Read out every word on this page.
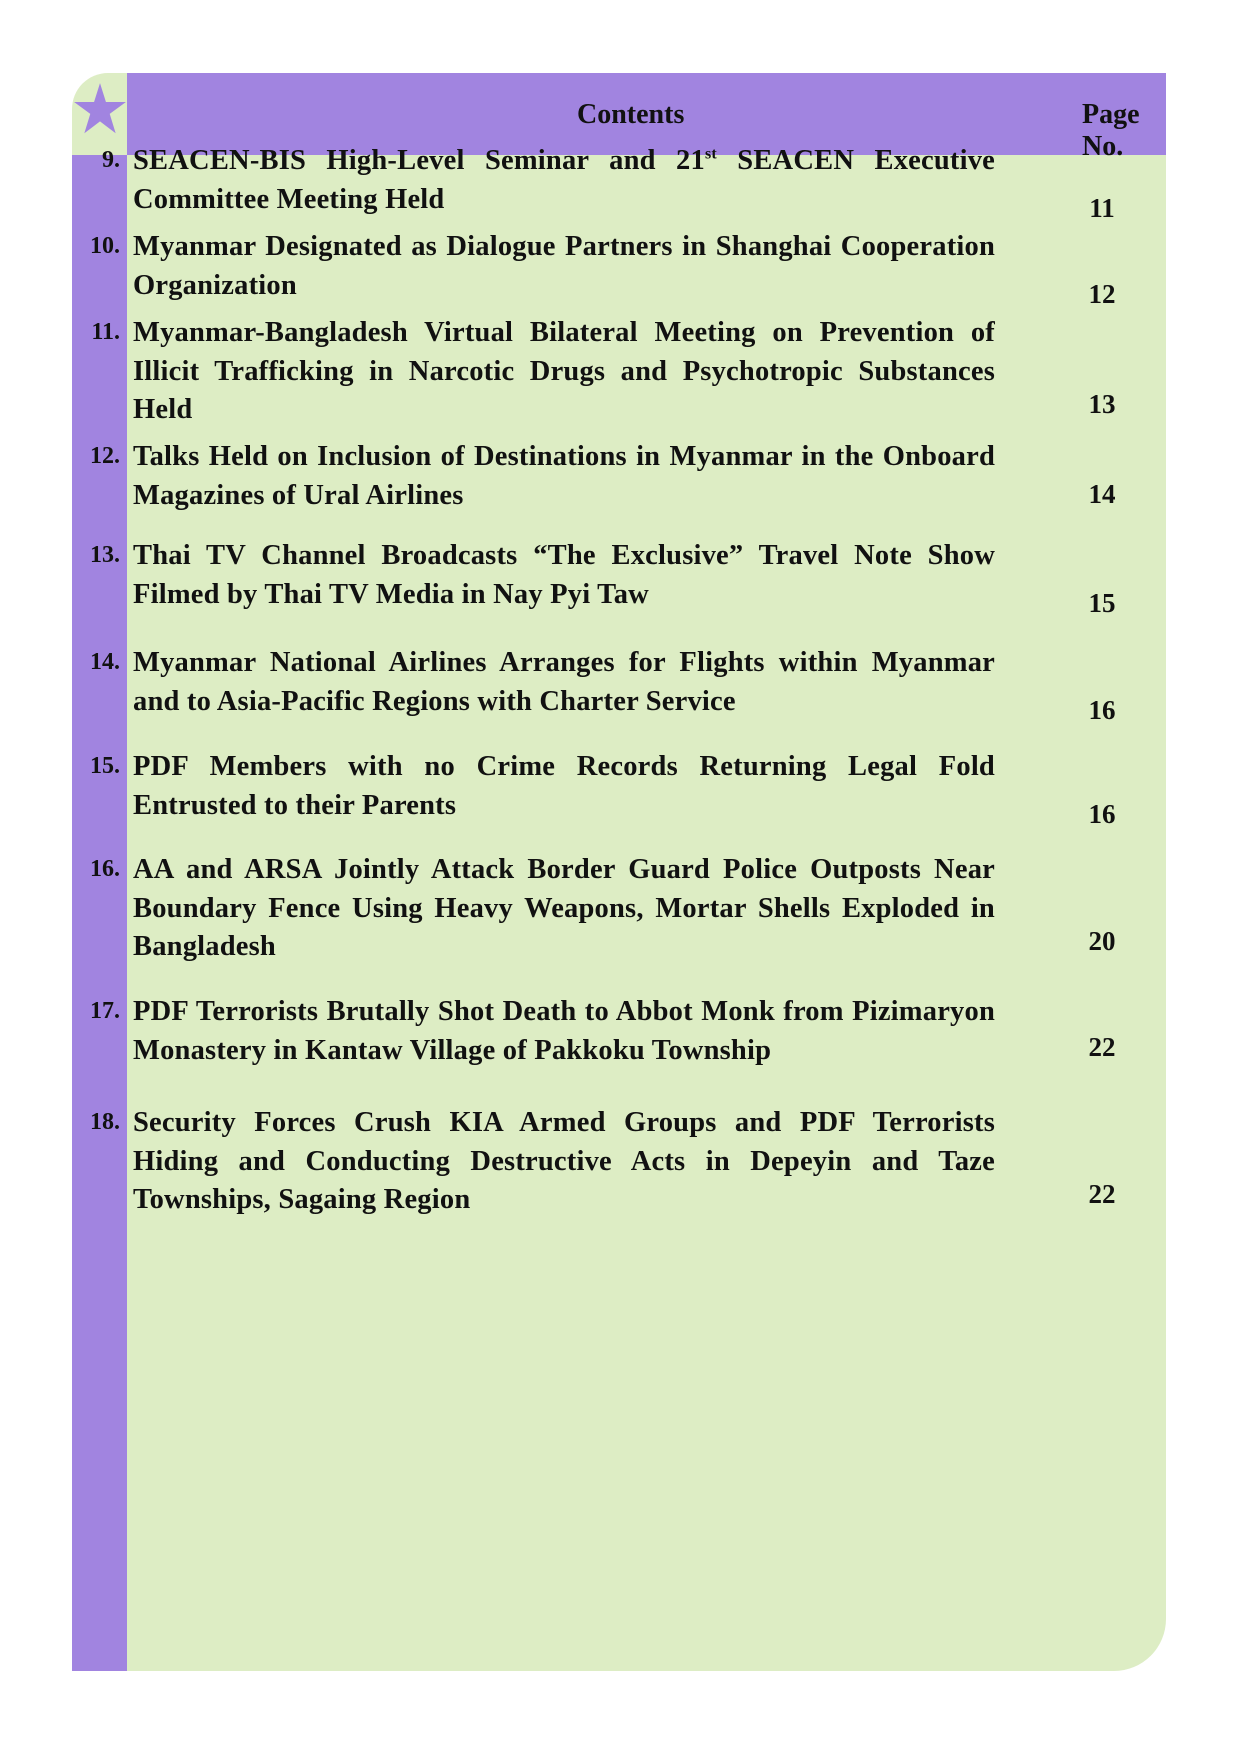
Contents	Page No.
9. SEACEN-BIS High-Level Seminar and 21st SEACEN Executive Committee Meeting Held	11
10. Myanmar Designated as Dialogue Partners in Shanghai Cooperation Organization	12
11. Myanmar-Bangladesh Virtual Bilateral Meeting on Prevention of Illicit Trafficking in Narcotic Drugs and Psychotropic Substances Held	13
12. Talks Held on Inclusion of Destinations in Myanmar in the Onboard Magazines of Ural Airlines	14
13. Thai TV Channel Broadcasts “The Exclusive” Travel Note Show Filmed by Thai TV Media in Nay Pyi Taw	15
14. Myanmar National Airlines Arranges for Flights within Myanmar and to Asia-Pacific Regions with Charter Service	16
15. PDF Members with no Crime Records Returning Legal Fold Entrusted to their Parents	16
16. AA and ARSA Jointly Attack Border Guard Police Outposts Near Boundary Fence Using Heavy Weapons, Mortar Shells Exploded in Bangladesh	20
17. PDF Terrorists Brutally Shot Death to Abbot Monk from Pizimaryon Monastery in Kantaw Village of Pakkoku Township	22
18. Security Forces Crush KIA Armed Groups and PDF Terrorists Hiding and Conducting Destructive Acts in Depeyin and Taze Townships, Sagaing Region	22
